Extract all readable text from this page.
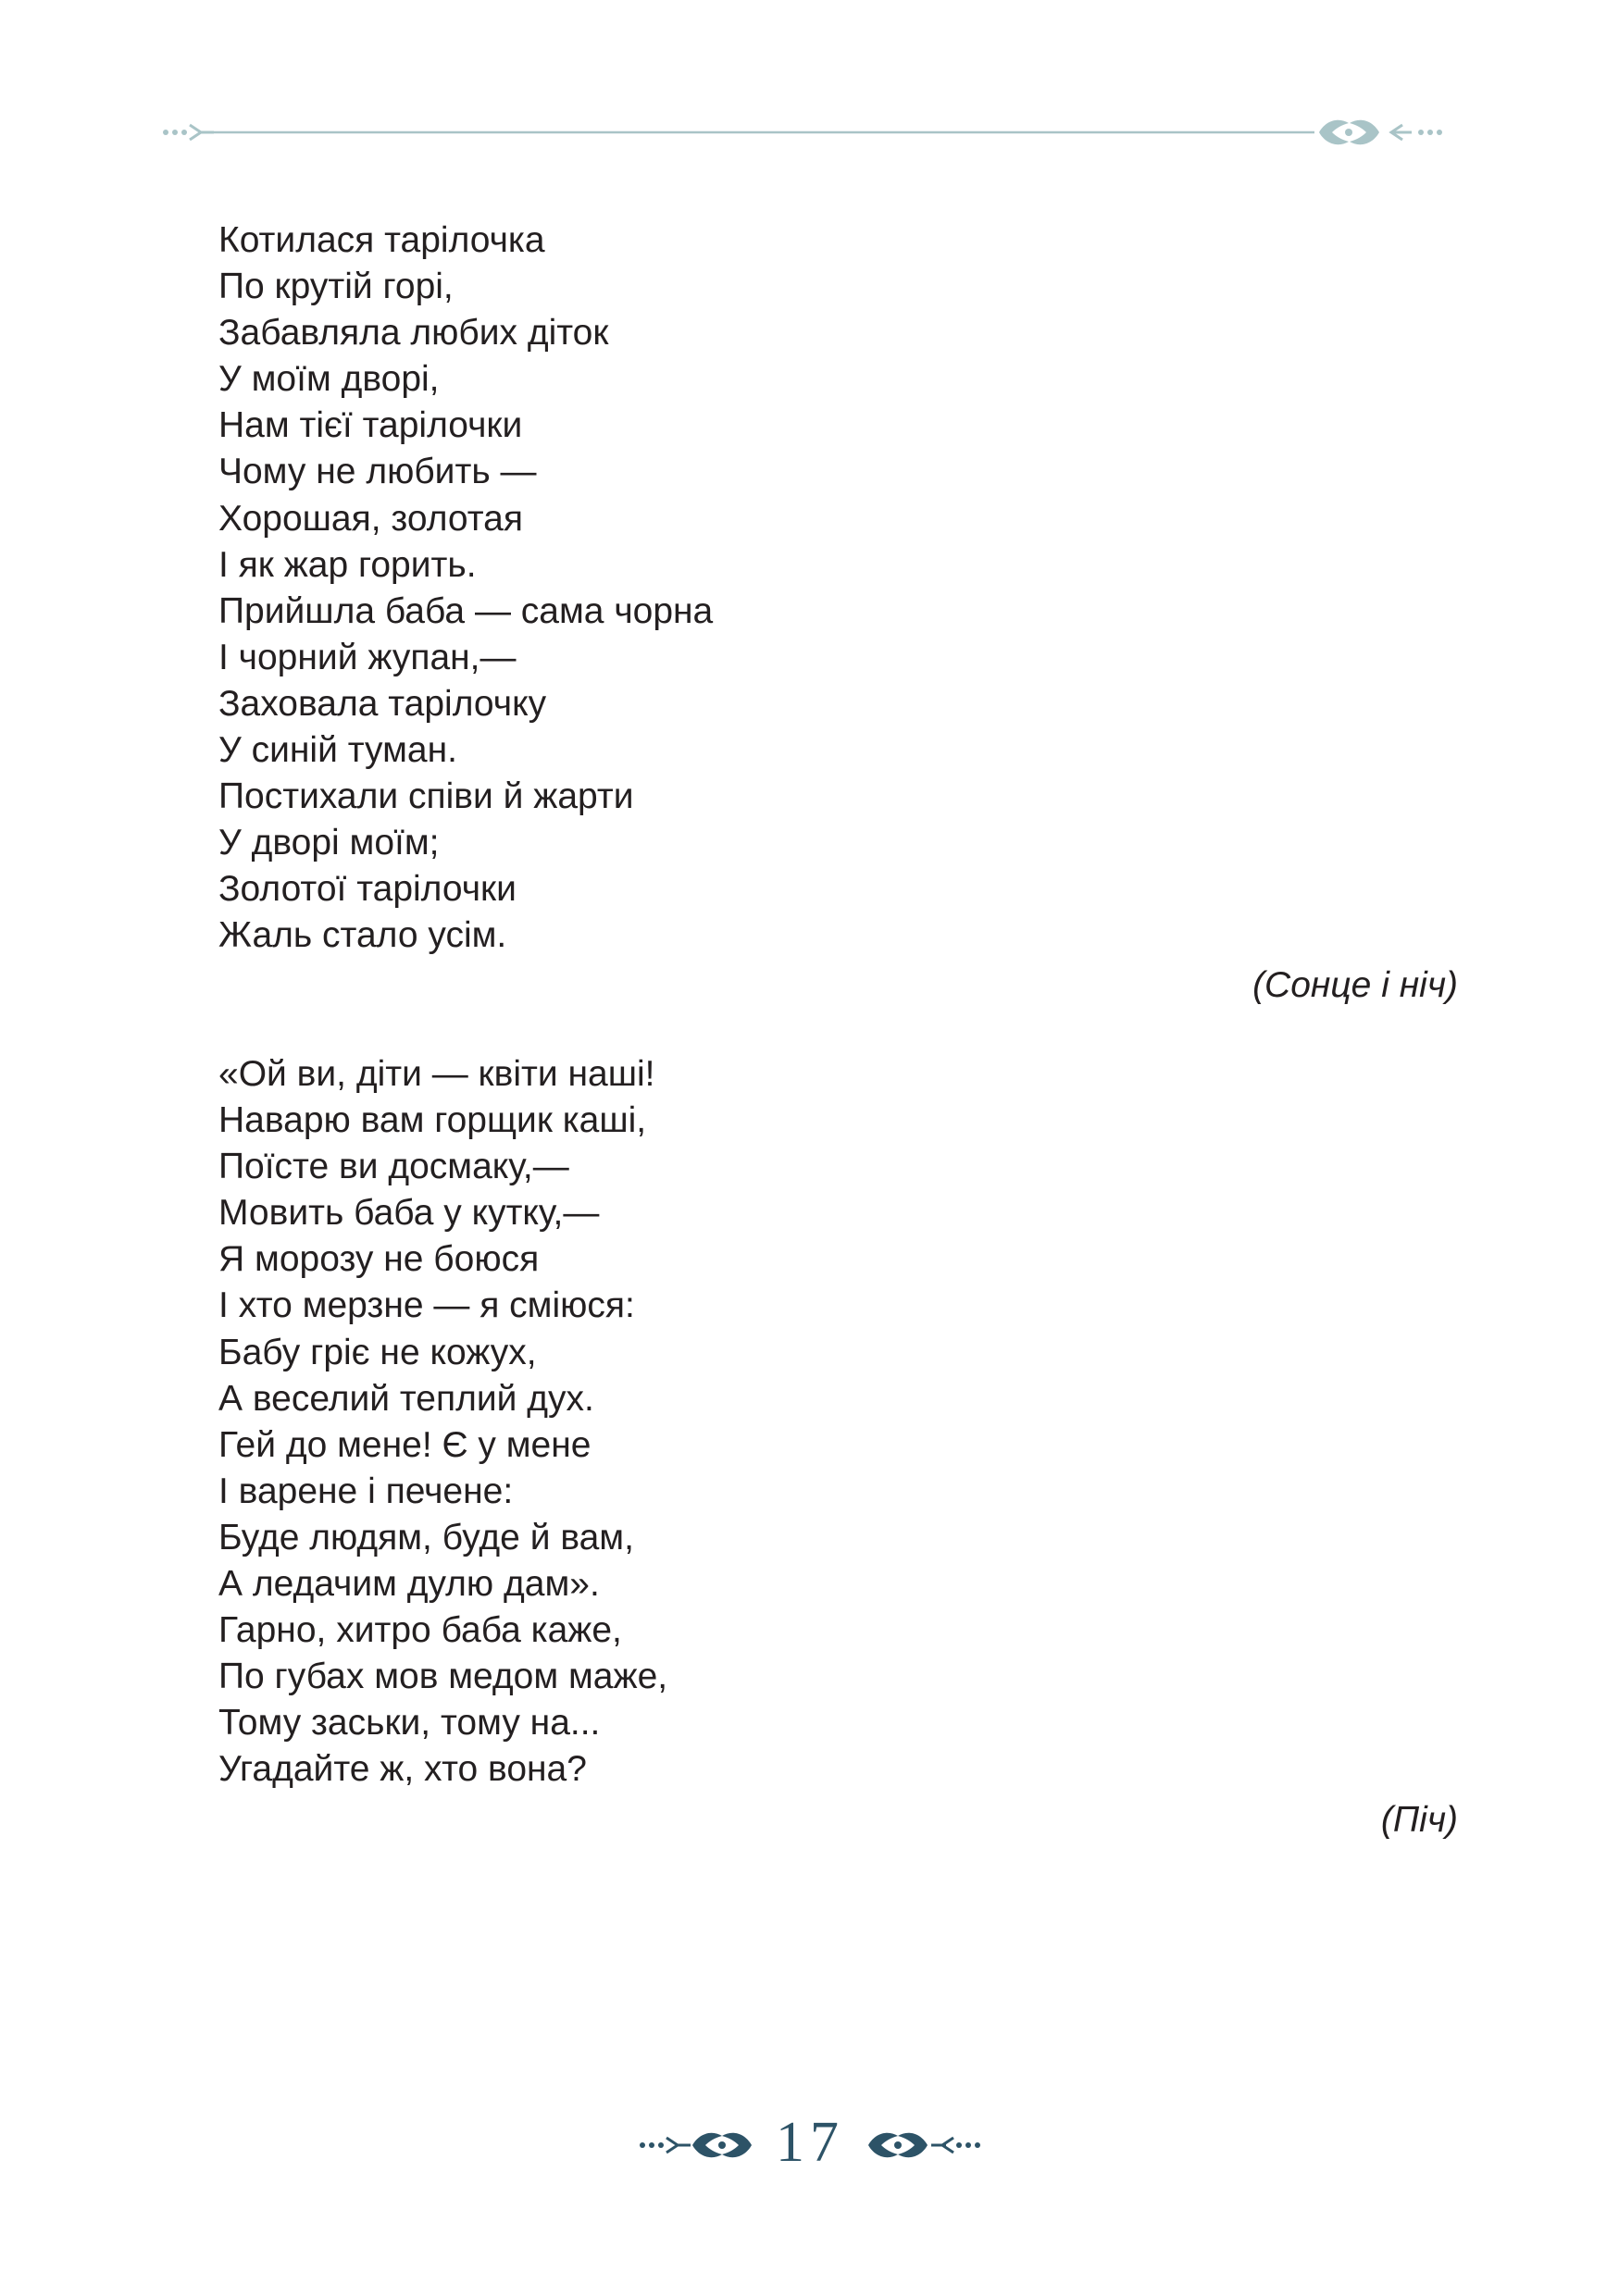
Котилася тарілочка
По крутій горі,
Забавляла любих діток
У моїм дворі,
Нам тієї тарілочки
Чому не любить —
Хорошая, золотая
І як жар горить.
Прийшла баба — сама чорна
І чорний жупан,—
Заховала тарілочку
У синій туман.
Постихали співи й жарти
У дворі моїм;
Золотої тарілочки
Жаль стало усім.
(Сонце і ніч)
«Ой ви, діти — квіти наші!
Наварю вам горщик каші,
Поїсте ви досмаку,—
Мовить баба у кутку,—
Я морозу не боюся
І хто мерзне — я сміюся:
Бабу гріє не кожух,
А веселий теплий дух.
Гей до мене! Є у мене
І варене і печене:
Буде людям, буде й вам,
А ледачим дулю дам».
Гарно, хитро баба каже,
По губах мов медом маже,
Тому заськи, тому на...
Угадайте ж, хто вона?
(Піч)
17
